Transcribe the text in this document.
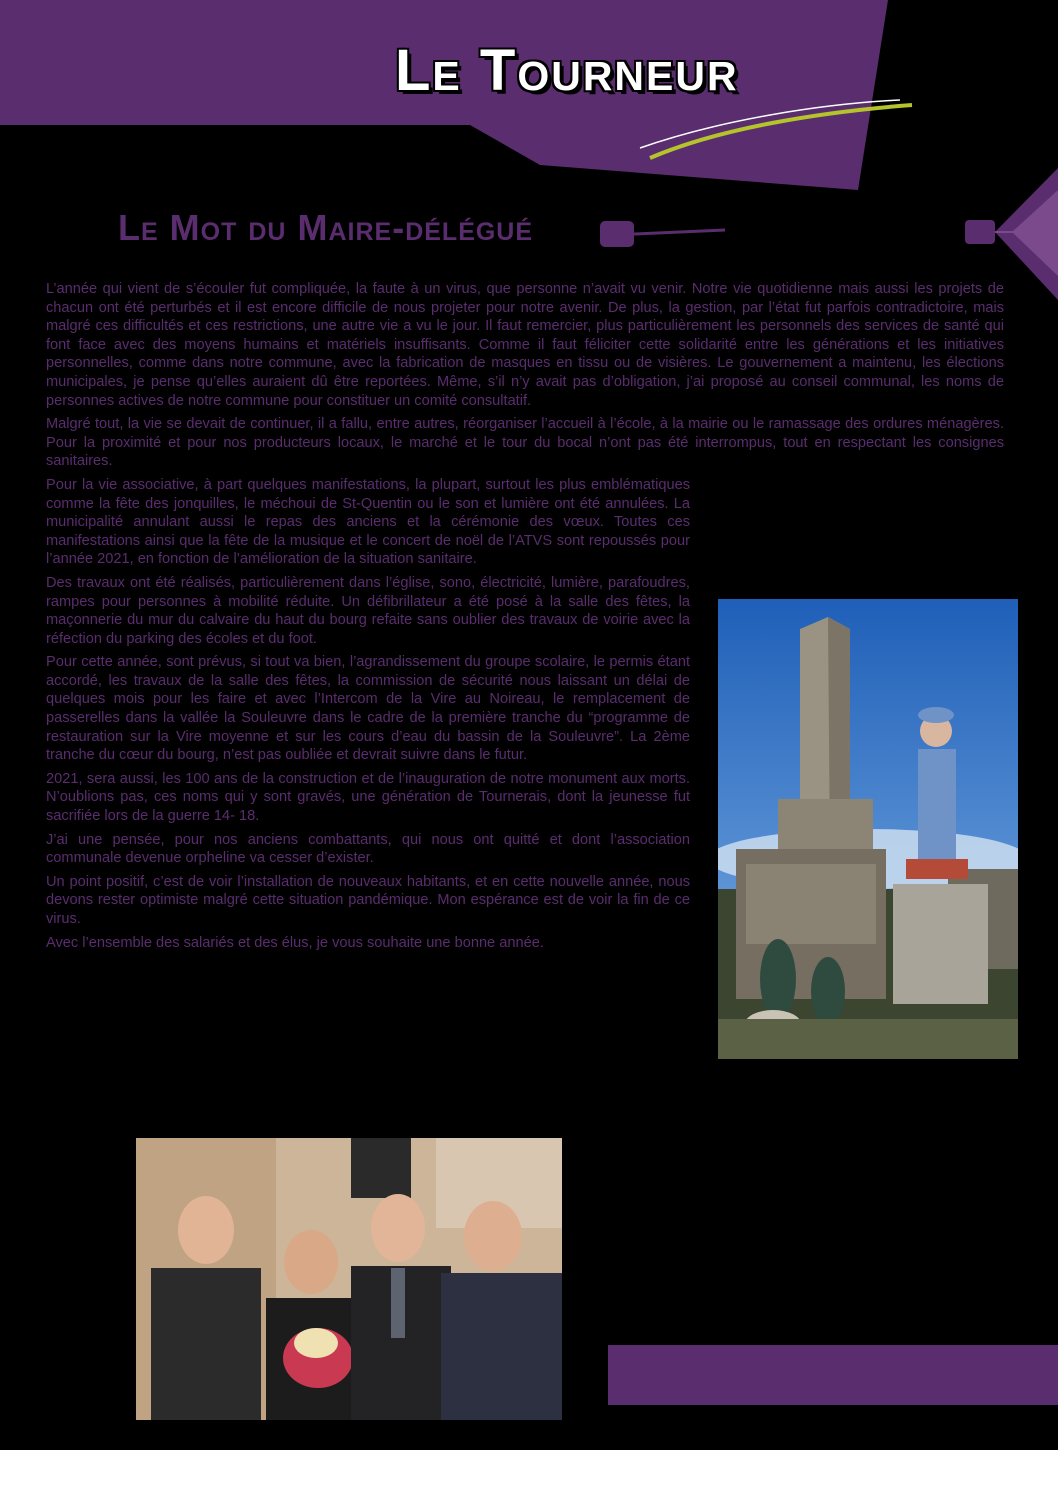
Le Tourneur
Le Mot du Maire-délégué

L’année qui vient de s’écouler fut compliquée, la faute à un virus, que personne n’avait vu venir. Notre vie quotidienne mais aussi les projets de chacun ont été perturbés et il est encore difficile de nous projeter pour notre avenir. De plus, la gestion, par l’état fut parfois contradictoire, mais malgré ces difficultés et ces restrictions, une autre vie a vu le jour. Il faut remercier, plus particulièrement les personnels des services de santé qui font face avec des moyens humains et matériels insuffisants. Comme il faut féliciter cette solidarité entre les générations et les initiatives personnelles, comme dans notre commune, avec la fabrication de masques en tissu ou de visières. Le gouvernement a maintenu, les élections municipales, je pense qu’elles auraient dû être reportées. Même, s’il n’y avait pas d’obligation, j’ai proposé au conseil communal, les noms de personnes actives de notre commune pour constituer un comité consultatif.

Malgré tout, la vie se devait de continuer, il a fallu, entre autres, réorganiser l’accueil à l’école, à la mairie ou le ramassage des ordures ménagères. Pour la proximité et pour nos producteurs locaux, le marché et le tour du bocal n’ont pas été interrompus, tout en respectant les consignes sanitaires.

Pour la vie associative, à part quelques manifestations, la plupart, surtout les plus emblématiques comme la fête des jonquilles, le méchoui de St-Quentin ou le son et lumière ont été annulées. La municipalité annulant aussi le repas des anciens et la cérémonie des vœux. Toutes ces manifestations ainsi que la fête de la musique et le concert de noël de l’ATVS sont repoussés pour l’année 2021, en fonction de l’amélioration de la situation sanitaire.

Des travaux ont été réalisés, particulièrement dans l’église, sono, électricité, lumière, parafoudres, rampes pour personnes à mobilité réduite. Un défibrillateur a été posé à la salle des fêtes, la maçonnerie du mur du calvaire du haut du bourg refaite sans oublier des travaux de voirie avec la réfection du parking des écoles et du foot.

Pour cette année, sont prévus, si tout va bien, l’agrandissement du groupe scolaire, le permis étant accordé, les travaux de la salle des fêtes, la commission de sécurité nous laissant un délai de quelques mois pour les faire et avec l’Intercom de la Vire au Noireau, le remplacement de passerelles dans la vallée la Souleuvre dans le cadre de la première tranche du “programme de restauration sur la Vire moyenne et sur les cours d’eau du bassin de la Souleuvre”. La 2ème tranche du cœur du bourg, n’est pas oubliée et devrait suivre dans le futur.

2021, sera aussi, les 100 ans de la construction et de l’inauguration de notre monument aux morts. N’oublions pas, ces noms qui y sont gravés, une génération de Tournerais, dont la jeunesse fut sacrifiée lors de la guerre 14- 18.

J’ai une pensée, pour nos anciens combattants, qui nous ont quitté et dont l’association communale devenue orpheline va cesser d’exister.

Un point positif, c’est de voir l’installation de nouveaux habitants, et en cette nouvelle année, nous devons rester optimiste malgré cette situation pandémique. Mon espérance est de voir la fin de ce virus.

Avec l’ensemble des salariés et des élus, je vous souhaite une bonne année.
